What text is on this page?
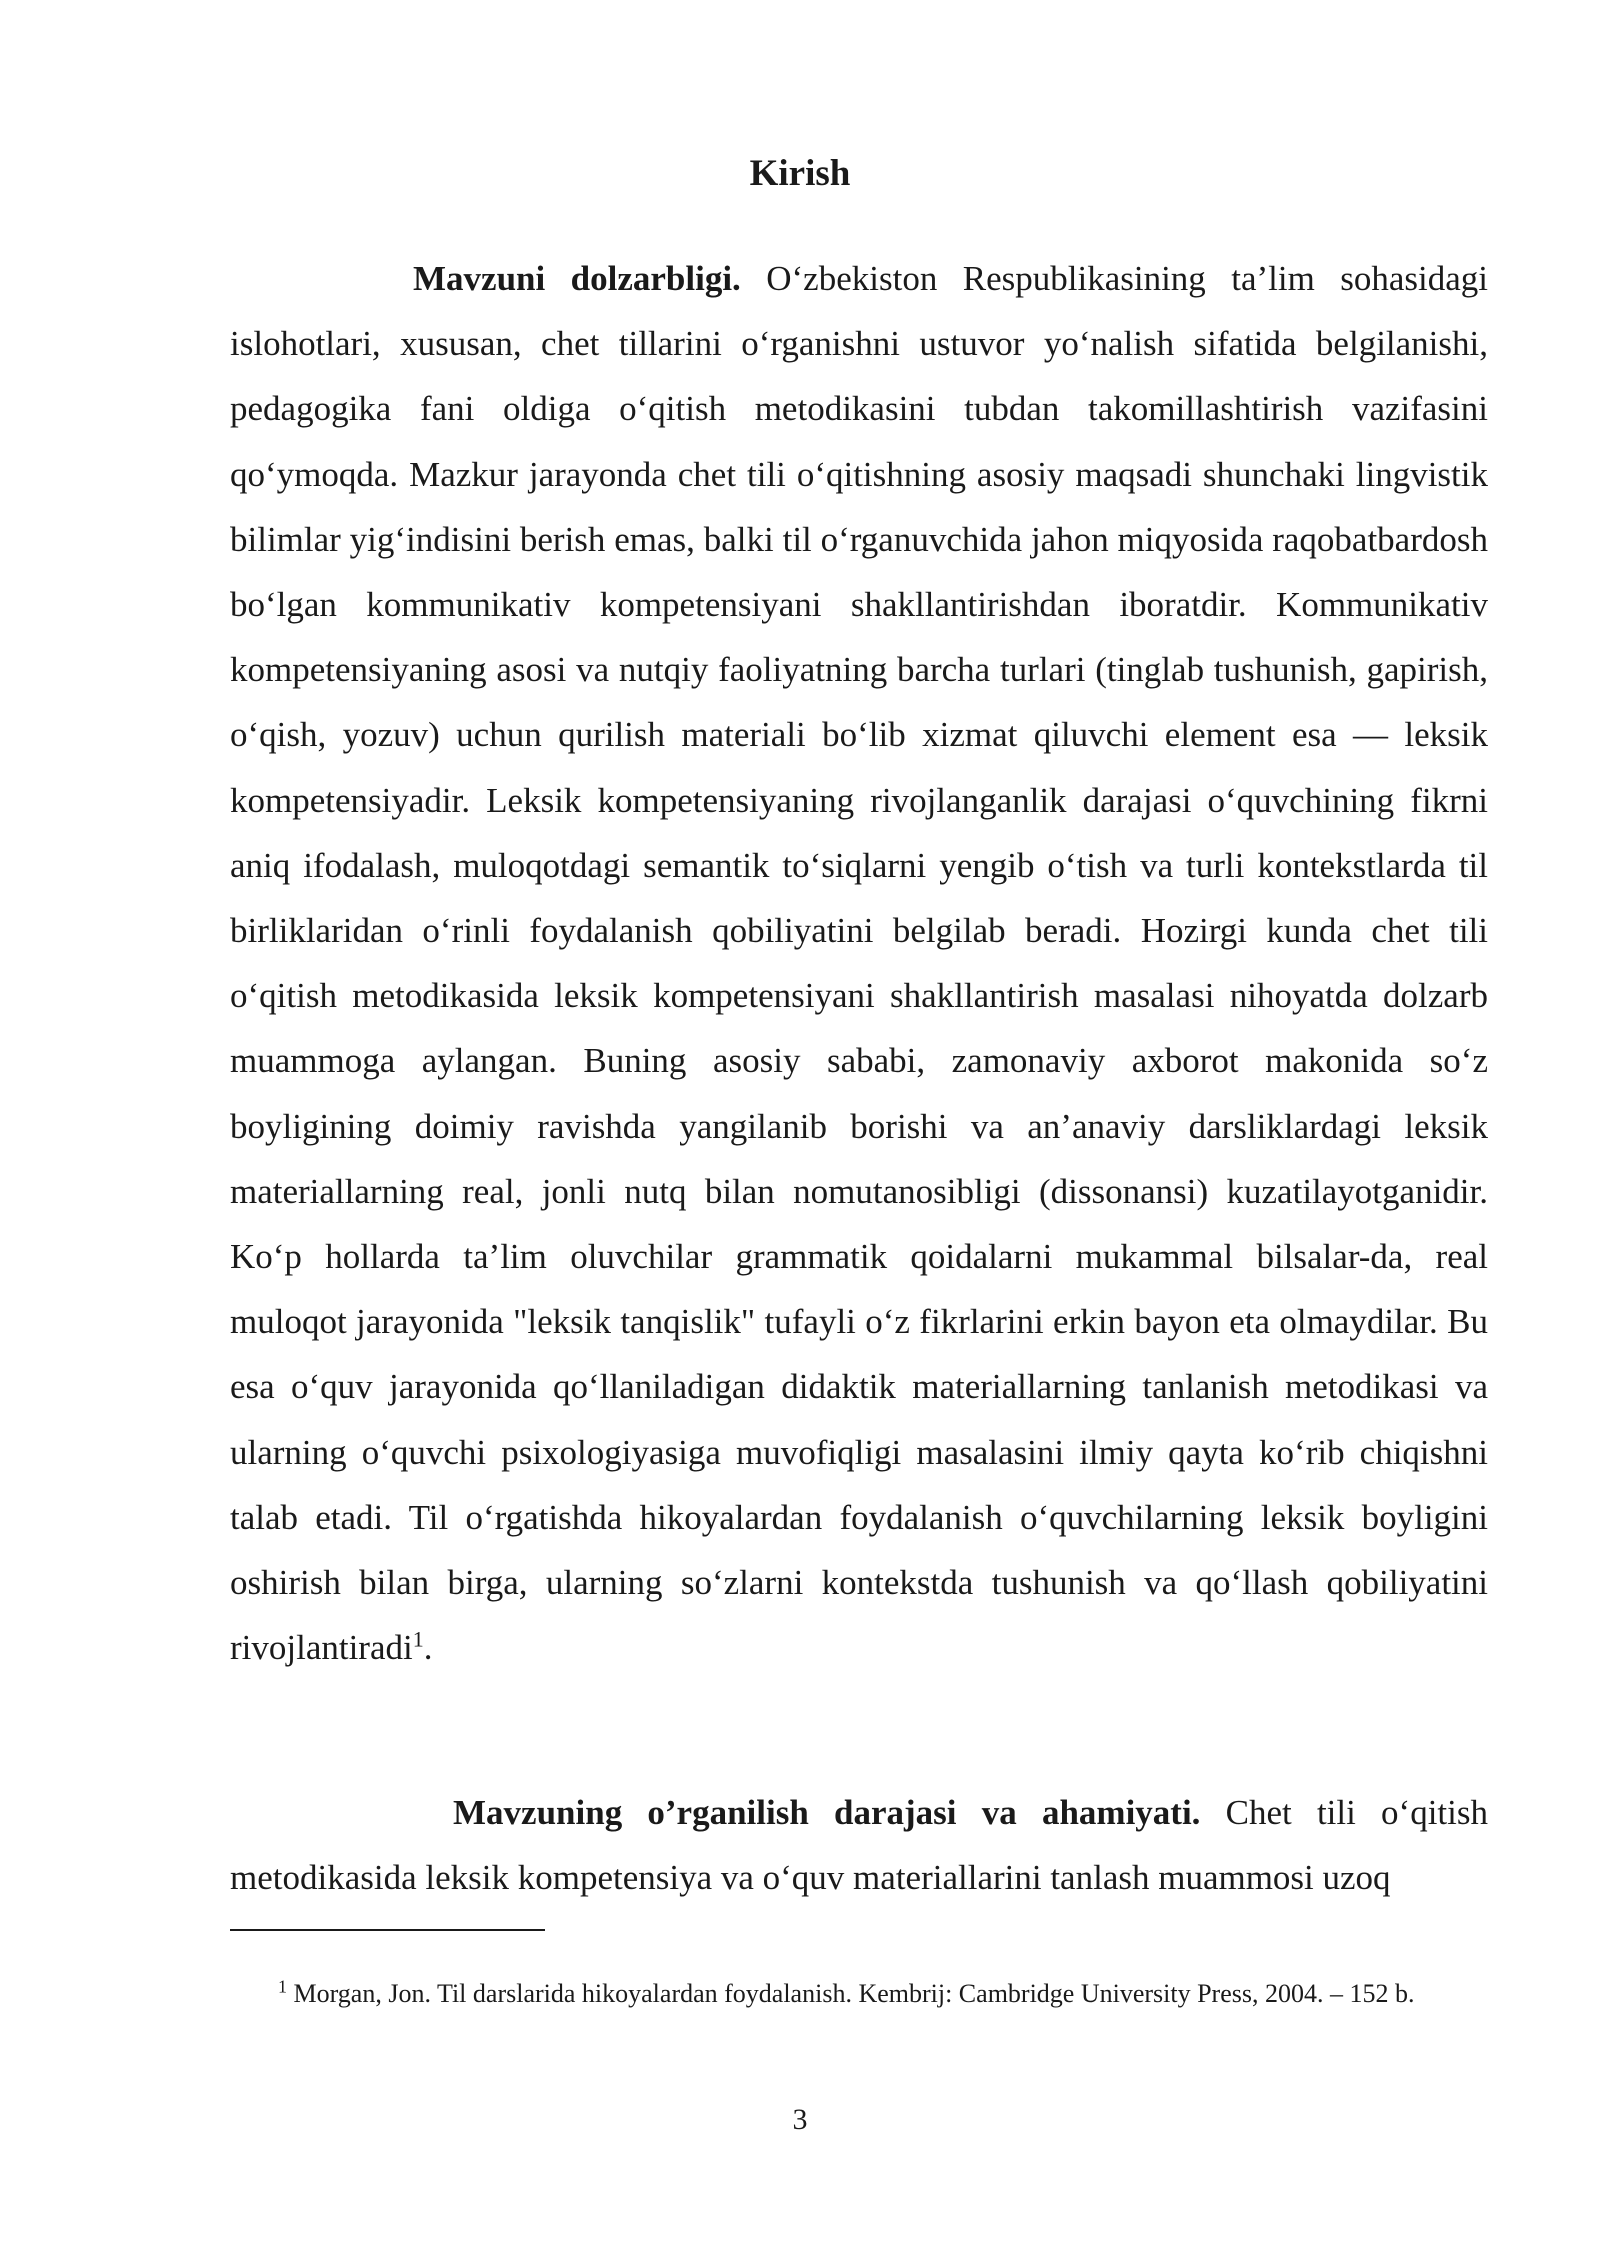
Kirish

Mavzuni dolzarbligi. O‘zbekiston Respublikasining ta’lim sohasidagi islohotlari, xususan, chet tillarini o‘rganishni ustuvor yo‘nalish sifatida belgilanishi, pedagogika fani oldiga o‘qitish metodikasini tubdan takomillashtirish vazifasini qo‘ymoqda. Mazkur jarayonda chet tili o‘qitishning asosiy maqsadi shunchaki lingvistik bilimlar yig‘indisini berish emas, balki til o‘rganuvchida jahon miqyosida raqobatbardosh bo‘lgan kommunikativ kompetensiyani shakllantirishdan iboratdir. Kommunikativ kompetensiyaning asosi va nutqiy faoliyatning barcha turlari (tinglab tushunish, gapirish, o‘qish, yozuv) uchun qurilish materiali bo‘lib xizmat qiluvchi element esa — leksik kompetensiyadir. Leksik kompetensiyaning rivojlanganlik darajasi o‘quvchining fikrni aniq ifodalash, muloqotdagi semantik to‘siqlarni yengib o‘tish va turli kontekstlarda til birliklaridan o‘rinli foydalanish qobiliyatini belgilab beradi. Hozirgi kunda chet tili o‘qitish metodikasida leksik kompetensiyani shakllantirish masalasi nihoyatda dolzarb muammoga aylangan. Buning asosiy sababi, zamonaviy axborot makonida so‘z boyligining doimiy ravishda yangilanib borishi va an’anaviy darsliklardagi leksik materiallarning real, jonli nutq bilan nomutanosibligi (dissonansi) kuzatilayotganidir. Ko‘p hollarda ta’lim oluvchilar grammatik qoidalarni mukammal bilsalar-da, real muloqot jarayonida "leksik tanqislik" tufayli o‘z fikrlarini erkin bayon eta olmaydilar. Bu esa o‘quv jarayonida qo‘llaniladigan didaktik materiallarning tanlanish metodikasi va ularning o‘quvchi psixologiyasiga muvofiqligi masalasini ilmiy qayta ko‘rib chiqishni talab etadi. Til o‘rgatishda hikoyalardan foydalanish o‘quvchilarning leksik boyligini oshirish bilan birga, ularning so‘zlarni kontekstda tushunish va qo‘llash qobiliyatini rivojlantiradi$^1$.

Mavzuning o’rganilish darajasi va ahamiyati. Chet tili o‘qitish metodikasida leksik kompetensiya va o‘quv materiallarini tanlash muammosi uzoq

$^1$ Morgan, Jon. Til darslarida hikoyalardan foydalanish. Kembrij: Cambridge University Press, 2004. – 152 b.

3
